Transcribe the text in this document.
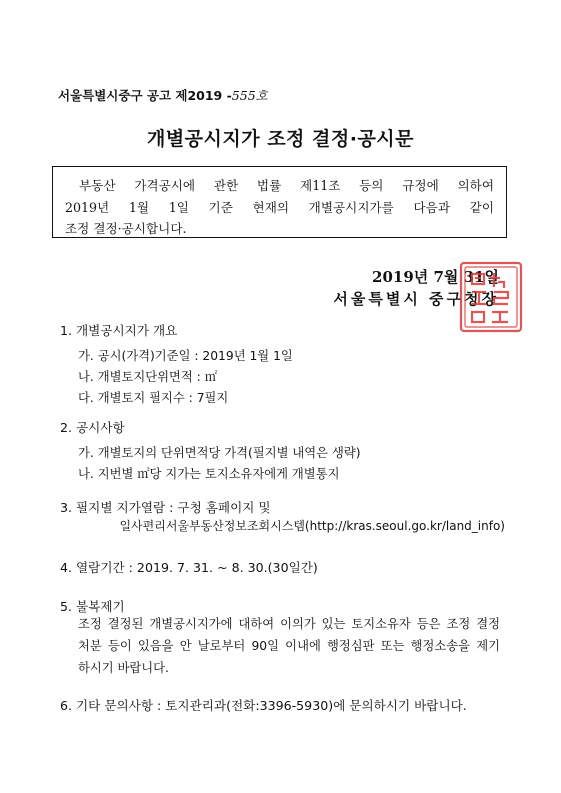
서울특별시중구 공고 제2019 -555호
개별공시지가 조정 결정·공시문
부동산 가격공시에 관한 법률 제11조 등의 규정에 의하여
2019년 1월 1일 기준 현재의 개별공시지가를 다음과 같이
조정 결정·공시합니다.
2019년 7월 31일
서울특별시 중구청장
1. 개별공시지가 개요
가. 공시(가격)기준일 : 2019년 1월 1일
나. 개별토지단위면적 : ㎡
다. 개별토지 필지수 : 7필지
2. 공시사항
가. 개별토지의 단위면적당 가격(필지별 내역은 생략)
나. 지번별 ㎡당 지가는 토지소유자에게 개별통지
3. 필지별 지가열람 : 구청 홈페이지 및
일사편리서울부동산정보조회시스템(http://kras.seoul.go.kr/land_info)
4. 열람기간 : 2019. 7. 31. ~ 8. 30.(30일간)
5. 불복제기
조정 결정된 개별공시지가에 대하여 이의가 있는 토지소유자 등은 조정 결정
처분 등이 있음을 안 날로부터 90일 이내에 행정심판 또는 행정소송을 제기
하시기 바랍니다.
6. 기타 문의사항 : 토지관리과(전화:3396-5930)에 문의하시기 바랍니다.
